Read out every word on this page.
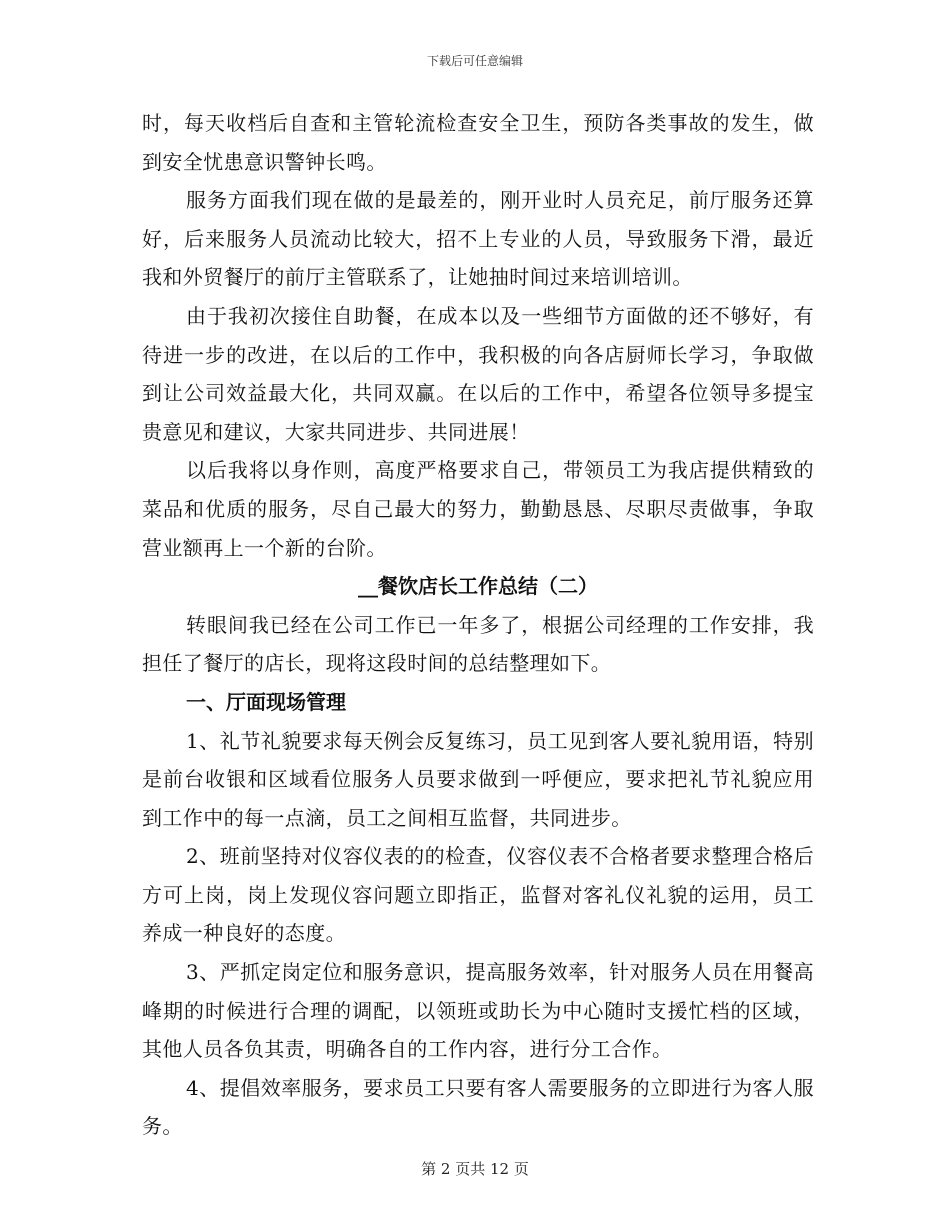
下载后可任意编辑

时，每天收档后自查和主管轮流检查安全卫生，预防各类事故的发生，做到安全忧患意识警钟长鸣。

服务方面我们现在做的是最差的，刚开业时人员充足，前厅服务还算好，后来服务人员流动比较大，招不上专业的人员，导致服务下滑，最近我和外贸餐厅的前厅主管联系了，让她抽时间过来培训培训。

由于我初次接住自助餐，在成本以及一些细节方面做的还不够好，有待进一步的改进，在以后的工作中，我积极的向各店厨师长学习，争取做到让公司效益最大化，共同双赢。在以后的工作中，希望各位领导多提宝贵意见和建议，大家共同进步、共同进展！

以后我将以身作则，高度严格要求自己，带领员工为我店提供精致的菜品和优质的服务，尽自己最大的努力，勤勤恳恳、尽职尽责做事，争取营业额再上一个新的台阶。

__餐饮店长工作总结（二）

转眼间我已经在公司工作已一年多了，根据公司经理的工作安排，我担任了餐厅的店长，现将这段时间的总结整理如下。

一、厅面现场管理

1、礼节礼貌要求每天例会反复练习，员工见到客人要礼貌用语，特别是前台收银和区域看位服务人员要求做到一呼便应，要求把礼节礼貌应用到工作中的每一点滴，员工之间相互监督，共同进步。

2、班前坚持对仪容仪表的的检查，仪容仪表不合格者要求整理合格后方可上岗，岗上发现仪容问题立即指正，监督对客礼仪礼貌的运用，员工养成一种良好的态度。

3、严抓定岗定位和服务意识，提高服务效率，针对服务人员在用餐高峰期的时候进行合理的调配，以领班或助长为中心随时支援忙档的区域，其他人员各负其责，明确各自的工作内容，进行分工合作。

4、提倡效率服务，要求员工只要有客人需要服务的立即进行为客人服务。

第 2 页共 12 页
